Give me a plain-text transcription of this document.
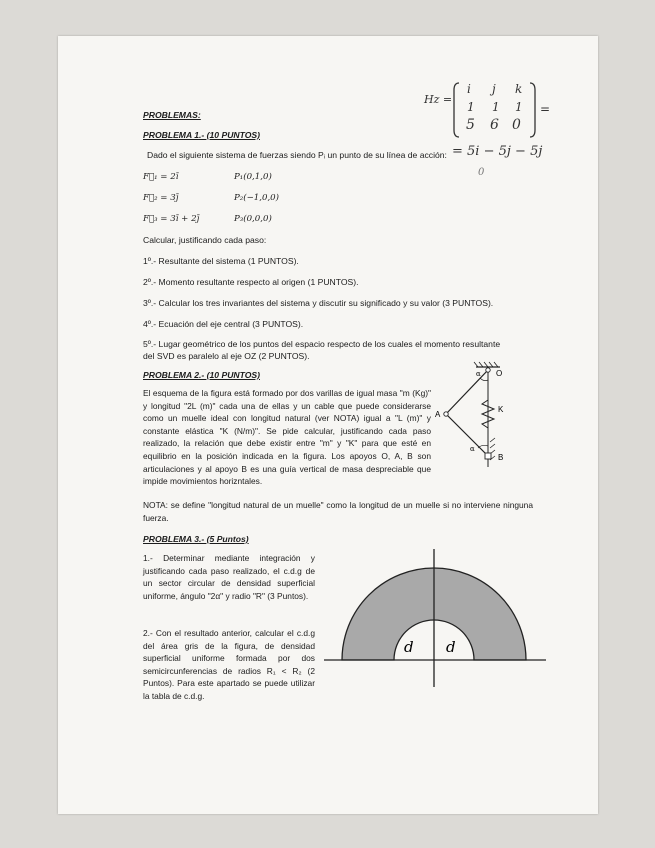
Hz =
i j k
1 1 1
5 6 0
=
= 5i − 5j − 5j
0
PROBLEMAS:
PROBLEMA 1.- (10 PUNTOS)
Dado el siguiente sistema de fuerzas siendo Pᵢ un punto de su línea de acción:
F⃗₁ = 2ī	P₁(0,1,0)
F⃗₂ = 3ȷ̄	P₂(−1,0,0)
F⃗₃ = 3ī + 2ȷ̄	P₃(0,0,0)
Calcular, justificando cada paso:
1º.- Resultante del sistema (1 PUNTOS).
2º.- Momento resultante respecto al origen (1 PUNTOS).
3º.- Calcular los tres invariantes del sistema y discutir su significado y su valor (3 PUNTOS).
4º.- Ecuación del eje central (3 PUNTOS).
5º.- Lugar geométrico de los puntos del espacio respecto de los cuales el momento resultante
del SVD es paralelo al eje OZ (2 PUNTOS).
PROBLEMA 2.- (10 PUNTOS)
El esquema de la figura está formado por dos varillas de igual masa "m (Kg)" y longitud "2L (m)" cada una de ellas y un cable que puede considerarse como un muelle ideal con longitud natural (ver NOTA) igual a "L (m)" y constante elástica "K (N/m)". Se pide calcular, justificando cada paso realizado, la relación que debe existir entre "m" y "K" para que esté en equilibrio en la posición indicada en la figura. Los apoyos O, A, B son articulaciones y al apoyo B es una guía vertical de masa despreciable que impide movimientos horizntales.
NOTA: se define "longitud natural de un muelle" como la longitud de un muelle si no interviene ninguna fuerza.
O
A
K
B
α
α
PROBLEMA 3.- (5 Puntos)
1.- Determinar mediante integración y justificando cada paso realizado, el c.d.g de un sector circular de densidad superficial uniforme, ángulo "2α" y radio "R" (3 Puntos).
2.- Con el resultado anterior, calcular el c.d.g del área gris de la figura, de densidad superficial uniforme formada por dos semicircunferencias de radios R₁ < R₂ (2 Puntos). Para este apartado se puede utilizar la tabla de c.d.g.
d d
